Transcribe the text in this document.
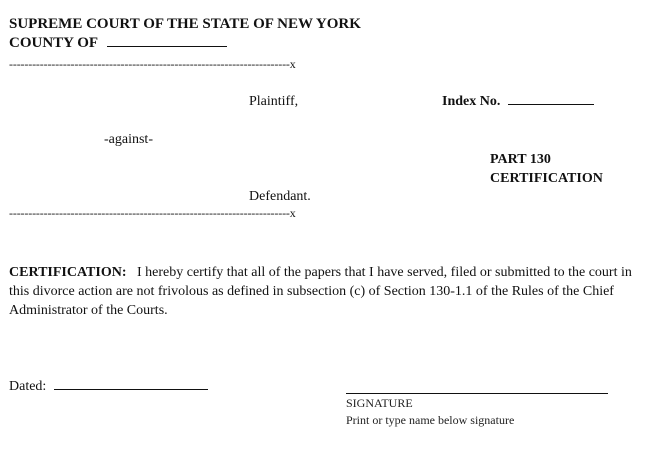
SUPREME COURT OF THE STATE OF NEW YORK
COUNTY OF
-------------------------------------------------------------------------x
Plaintiff,	Index No.
-against-
PART 130
CERTIFICATION
Defendant.
-------------------------------------------------------------------------x
CERTIFICATION: I hereby certify that all of the papers that I have served, filed or submitted to the court in this divorce action are not frivolous as defined in subsection (c) of Section 130-1.1 of the Rules of the Chief Administrator of the Courts.
Dated:
SIGNATURE
Print or type name below signature
